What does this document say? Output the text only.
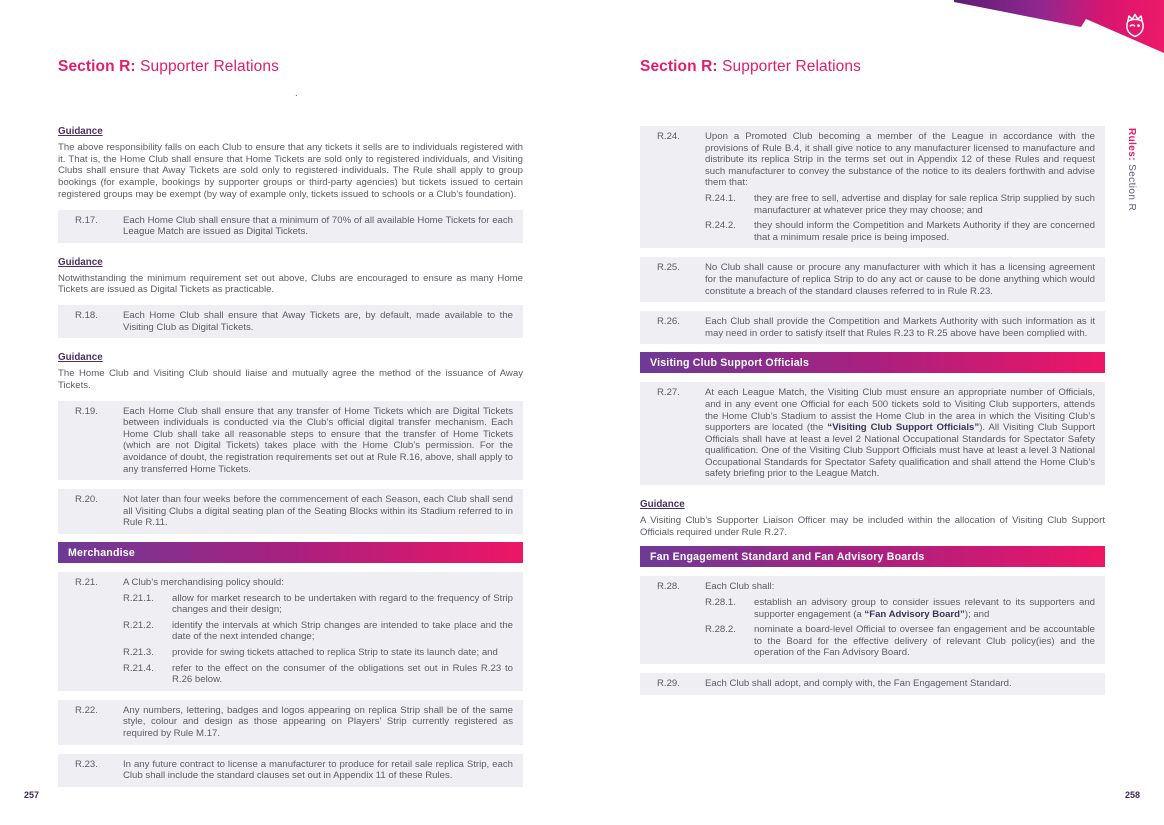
Rules: Section R
Section R: Supporter Relations
Guidance
The above responsibility falls on each Club to ensure that any tickets it sells are to individuals registered with it. That is, the Home Club shall ensure that Home Tickets are sold only to registered individuals, and Visiting Clubs shall ensure that Away Tickets are sold only to registered individuals. The Rule shall apply to group bookings (for example, bookings by supporter groups or third-party agencies) but tickets issued to certain registered groups may be exempt (by way of example only, tickets issued to schools or a Club’s foundation).
R.17.	Each Home Club shall ensure that a minimum of 70% of all available Home Tickets for each League Match are issued as Digital Tickets.
Guidance
Notwithstanding the minimum requirement set out above, Clubs are encouraged to ensure as many Home Tickets are issued as Digital Tickets as practicable.
R.18.	Each Home Club shall ensure that Away Tickets are, by default, made available to the Visiting Club as Digital Tickets.
Guidance
The Home Club and Visiting Club should liaise and mutually agree the method of the issuance of Away Tickets.
R.19.	Each Home Club shall ensure that any transfer of Home Tickets which are Digital Tickets between individuals is conducted via the Club’s official digital transfer mechanism. Each Home Club shall take all reasonable steps to ensure that the transfer of Home Tickets (which are not Digital Tickets) takes place with the Home Club’s permission. For the avoidance of doubt, the registration requirements set out at Rule R.16, above, shall apply to any transferred Home Tickets.
R.20.	Not later than four weeks before the commencement of each Season, each Club shall send all Visiting Clubs a digital seating plan of the Seating Blocks within its Stadium referred to in Rule R.11.
Merchandise
R.21.	A Club’s merchandising policy should:
R.21.1.	allow for market research to be undertaken with regard to the frequency of Strip changes and their design;
R.21.2.	identify the intervals at which Strip changes are intended to take place and the date of the next intended change;
R.21.3.	provide for swing tickets attached to replica Strip to state its launch date; and
R.21.4.	refer to the effect on the consumer of the obligations set out in Rules R.23 to R.26 below.
R.22.	Any numbers, lettering, badges and logos appearing on replica Strip shall be of the same style, colour and design as those appearing on Players’ Strip currently registered as required by Rule M.17.
R.23.	In any future contract to license a manufacturer to produce for retail sale replica Strip, each Club shall include the standard clauses set out in Appendix 11 of these Rules.
.
Section R: Supporter Relations
R.24.	Upon a Promoted Club becoming a member of the League in accordance with the provisions of Rule B.4, it shall give notice to any manufacturer licensed to manufacture and distribute its replica Strip in the terms set out in Appendix 12 of these Rules and request such manufacturer to convey the substance of the notice to its dealers forthwith and advise them that:
R.24.1.	they are free to sell, advertise and display for sale replica Strip supplied by such manufacturer at whatever price they may choose; and
R.24.2.	they should inform the Competition and Markets Authority if they are concerned that a minimum resale price is being imposed.
R.25.	No Club shall cause or procure any manufacturer with which it has a licensing agreement for the manufacture of replica Strip to do any act or cause to be done anything which would constitute a breach of the standard clauses referred to in Rule R.23.
R.26.	Each Club shall provide the Competition and Markets Authority with such information as it may need in order to satisfy itself that Rules R.23 to R.25 above have been complied with.
Visiting Club Support Officials
R.27.	At each League Match, the Visiting Club must ensure an appropriate number of Officials, and in any event one Official for each 500 tickets sold to Visiting Club supporters, attends the Home Club’s Stadium to assist the Home Club in the area in which the Visiting Club’s supporters are located (the “Visiting Club Support Officials”). All Visiting Club Support Officials shall have at least a level 2 National Occupational Standards for Spectator Safety qualification. One of the Visiting Club Support Officials must have at least a level 3 National Occupational Standards for Spectator Safety qualification and shall attend the Home Club’s safety briefing prior to the League Match.
Guidance
A Visiting Club’s Supporter Liaison Officer may be included within the allocation of Visiting Club Support Officials required under Rule R.27.
Fan Engagement Standard and Fan Advisory Boards
R.28.	Each Club shall:
R.28.1.	establish an advisory group to consider issues relevant to its supporters and supporter engagement (a “Fan Advisory Board”); and
R.28.2.	nominate a board-level Official to oversee fan engagement and be accountable to the Board for the effective delivery of relevant Club policy(ies) and the operation of the Fan Advisory Board.
R.29.	Each Club shall adopt, and comply with, the Fan Engagement Standard.
257	258
